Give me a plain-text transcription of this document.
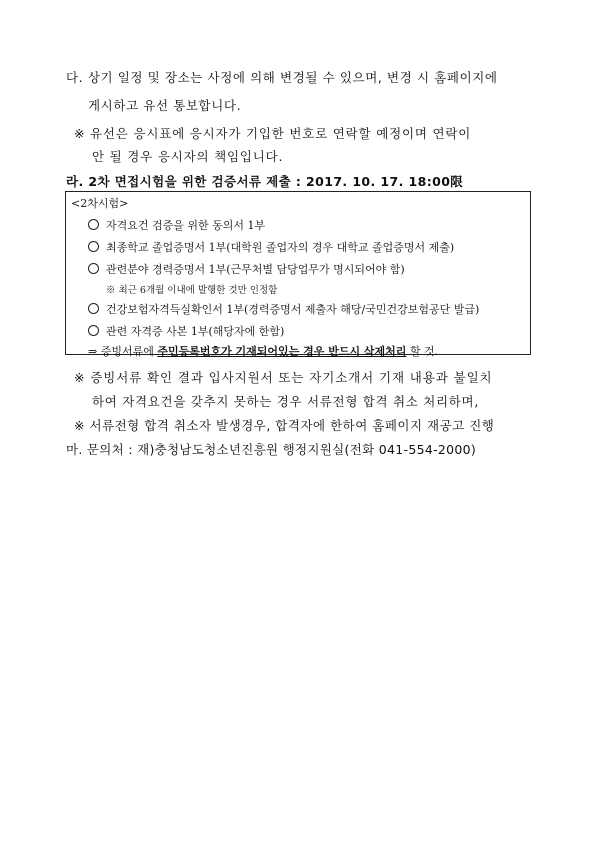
다. 상기 일정 및 장소는 사정에 의해 변경될 수 있으며, 변경 시 홈페이지에
게시하고 유선 통보합니다.
※ 유선은 응시표에 응시자가 기입한 번호로 연락할 예정이며 연락이
안 될 경우 응시자의 책임입니다.
라. 2차 면접시험을 위한 검증서류 제출 : 2017. 10. 17. 18:00限
<2차시험>
자격요건 검증을 위한 동의서 1부
최종학교 졸업증명서 1부(대학원 졸업자의 경우 대학교 졸업증명서 제출)
관련분야 경력증명서 1부(근무처별 담당업무가 명시되어야 함)
※ 최근 6개월 이내에 발행한 것만 인정함
건강보험자격득실확인서 1부(경력증명서 제출자 해당/국민건강보험공단 발급)
관련 자격증 사본 1부(해당자에 한함)
⇒ 증빙서류에 주민등록번호가 기재되어있는 경우 반드시 삭제처리 할 것.
※ 증빙서류 확인 결과 입사지원서 또는 자기소개서 기재 내용과 불일치
하여 자격요건을 갖추지 못하는 경우 서류전형 합격 취소 처리하며,
※ 서류전형 합격 취소자 발생경우, 합격자에 한하여 홈페이지 재공고 진행
마. 문의처 : 재)충청남도청소년진흥원 행정지원실(전화 041-554-2000)
